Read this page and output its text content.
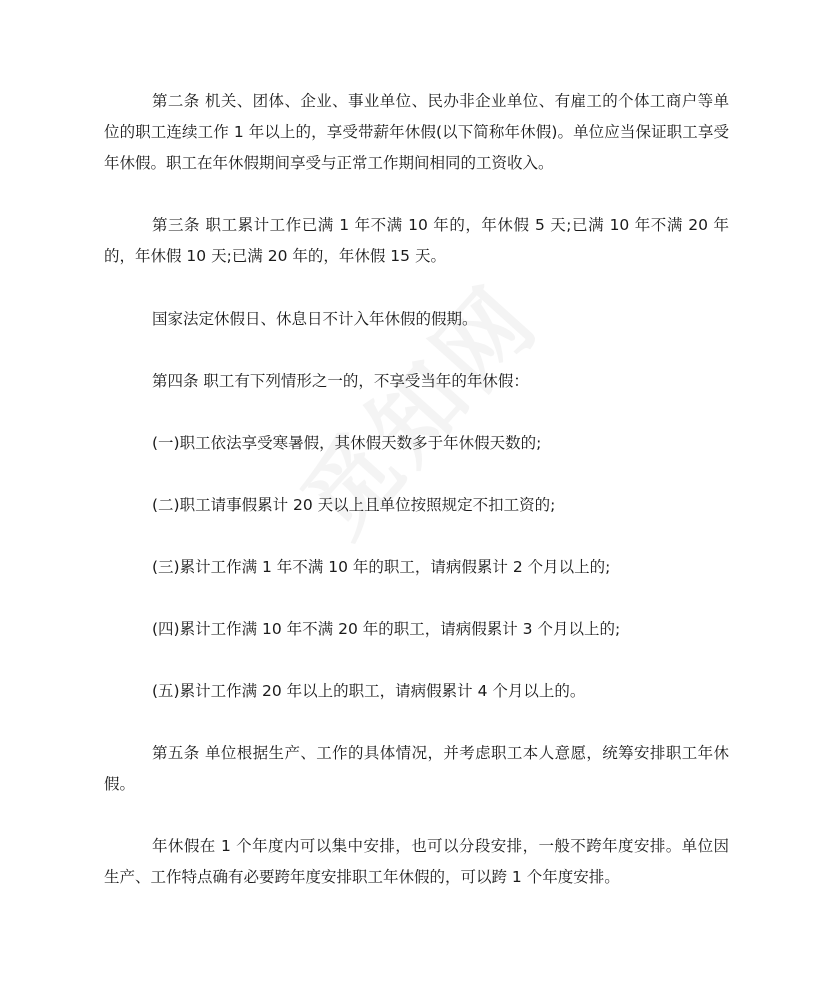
第二条 机关、团体、企业、事业单位、民办非企业单位、有雇工的个体工商户等单位的职工连续工作 1 年以上的，享受带薪年休假(以下简称年休假)。单位应当保证职工享受年休假。职工在年休假期间享受与正常工作期间相同的工资收入。

第三条 职工累计工作已满 1 年不满 10 年的，年休假 5 天;已满 10 年不满 20 年的，年休假 10 天;已满 20 年的，年休假 15 天。

国家法定休假日、休息日不计入年休假的假期。

第四条 职工有下列情形之一的，不享受当年的年休假：

(一)职工依法享受寒暑假，其休假天数多于年休假天数的;

(二)职工请事假累计 20 天以上且单位按照规定不扣工资的;

(三)累计工作满 1 年不满 10 年的职工，请病假累计 2 个月以上的;

(四)累计工作满 10 年不满 20 年的职工，请病假累计 3 个月以上的;

(五)累计工作满 20 年以上的职工，请病假累计 4 个月以上的。

第五条 单位根据生产、工作的具体情况，并考虑职工本人意愿，统筹安排职工年休假。

年休假在 1 个年度内可以集中安排，也可以分段安排，一般不跨年度安排。单位因生产、工作特点确有必要跨年度安排职工年休假的，可以跨 1 个年度安排。
